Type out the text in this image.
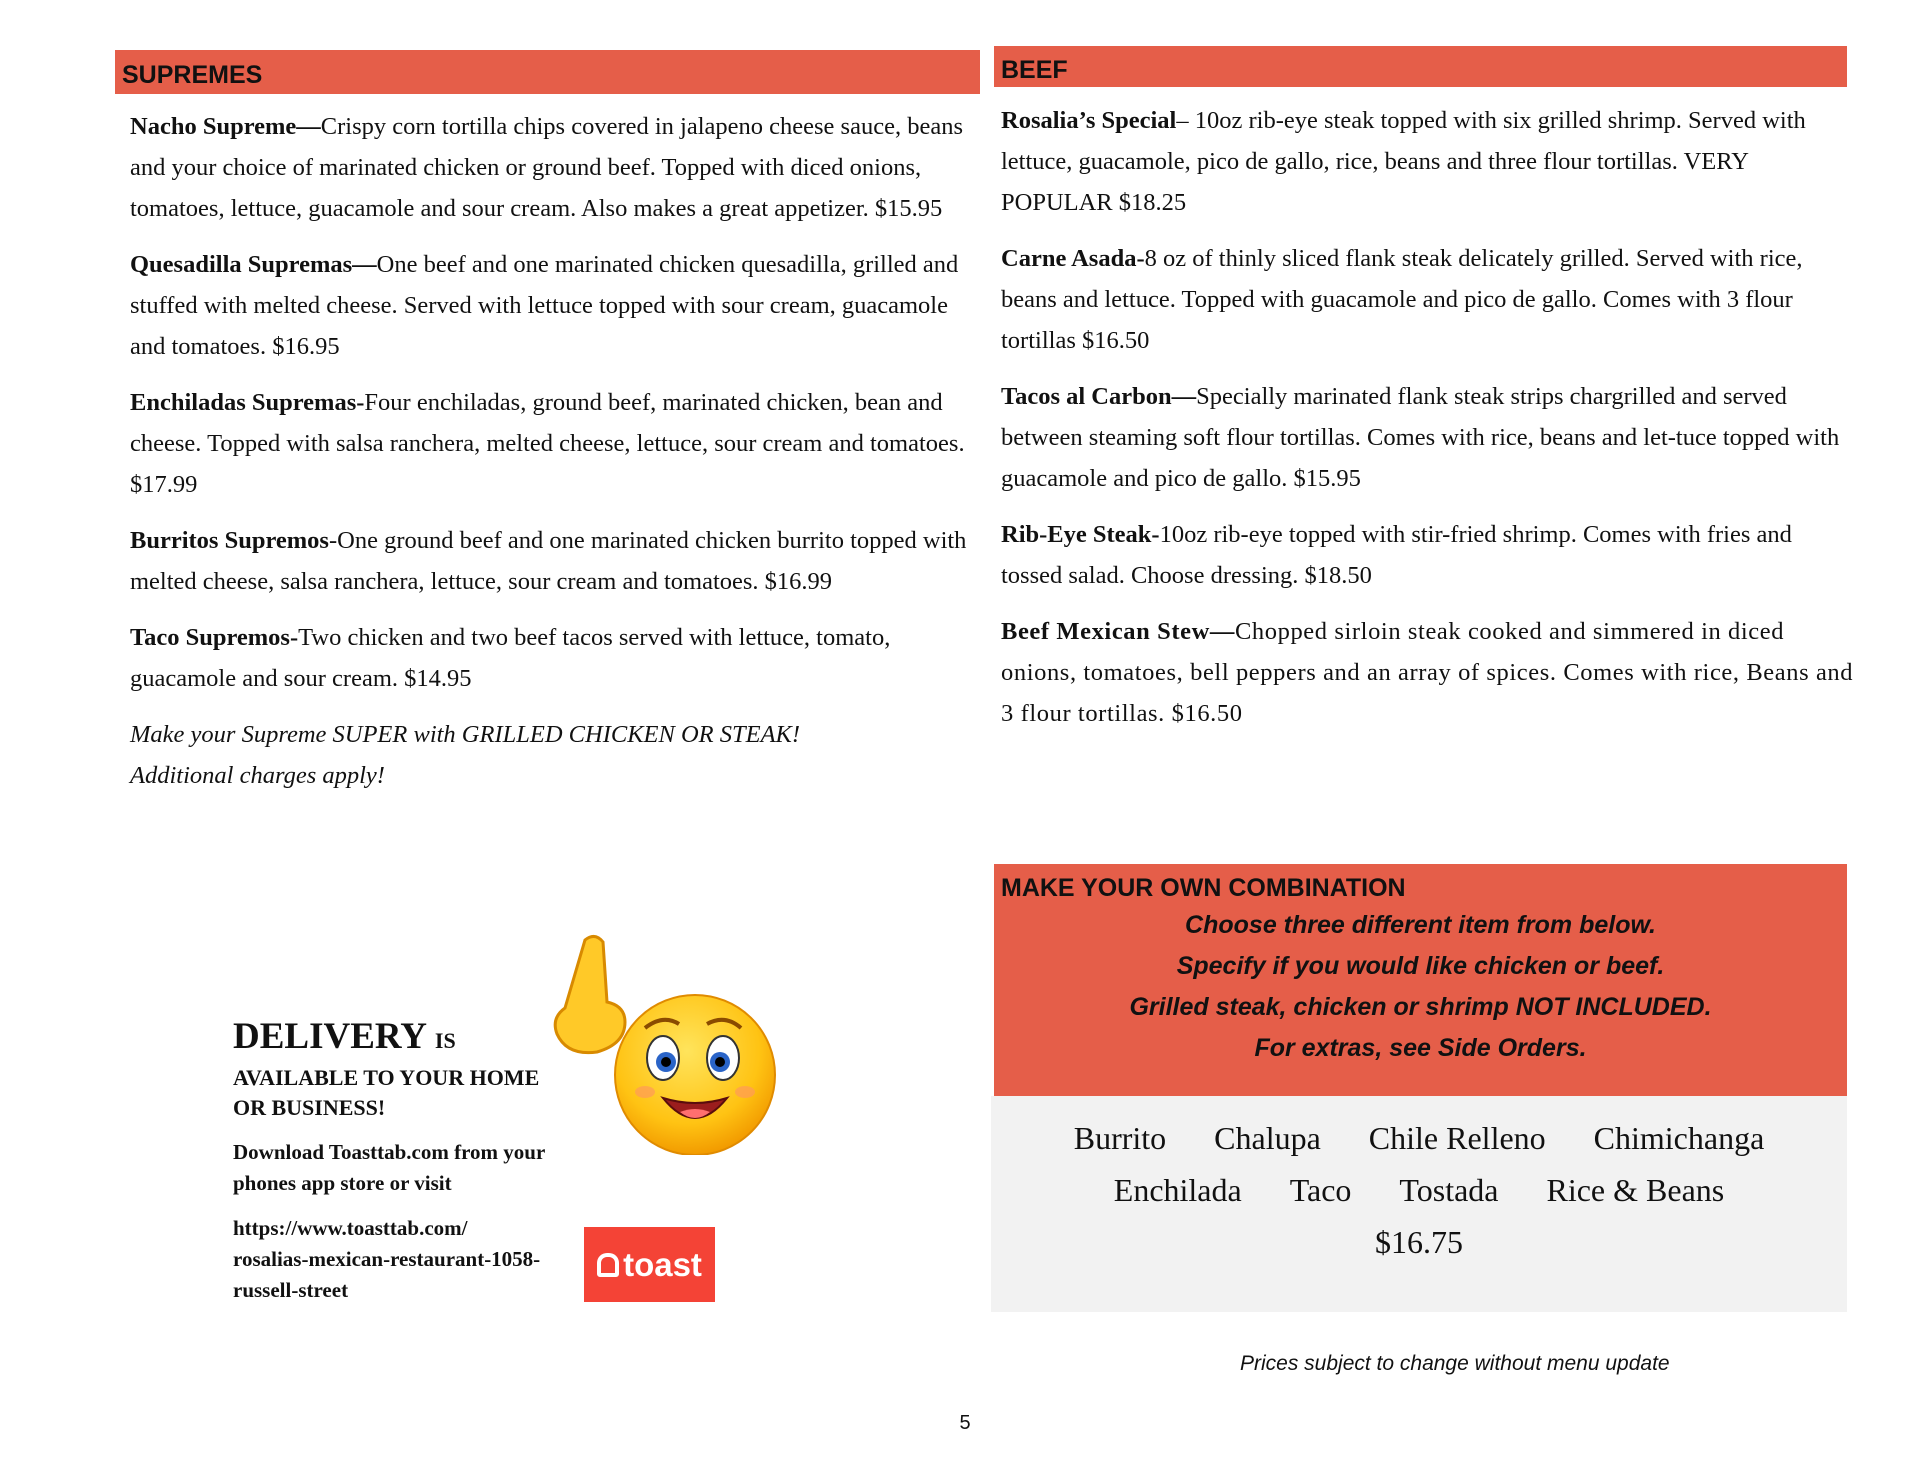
SUPREMES

Nacho Supreme—Crispy corn tortilla chips covered in jalapeno cheese sauce, beans and your choice of marinated chicken or ground beef. Topped with diced onions, tomatoes, lettuce, guacamole and sour cream. Also makes a great appetizer. $15.95

Quesadilla Supremas—One beef and one marinated chicken quesadilla, grilled and stuffed with melted cheese. Served with lettuce topped with sour cream, guacamole and tomatoes. $16.95

Enchiladas Supremas-Four enchiladas, ground beef, marinated chicken, bean and cheese. Topped with salsa ranchera, melted cheese, lettuce, sour cream and tomatoes. $17.99

Burritos Supremos-One ground beef and one marinated chicken burrito topped with melted cheese, salsa ranchera, lettuce, sour cream and tomatoes. $16.99

Taco Supremos-Two chicken and two beef tacos served with lettuce, tomato, guacamole and sour cream. $14.95

Make your Supreme SUPER with GRILLED CHICKEN OR STEAK!
Additional charges apply!
BEEF

Rosalia’s Special– 10oz rib-eye steak topped with six grilled shrimp. Served with lettuce, guacamole, pico de gallo, rice, beans and three flour tortillas. VERY POPULAR $18.25

Carne Asada-8 oz of thinly sliced flank steak delicately grilled. Served with rice, beans and lettuce. Topped with guacamole and pico de gallo. Comes with 3 flour tortillas $16.50

Tacos al Carbon—Specially marinated flank steak strips chargrilled and served between steaming soft flour tortillas. Comes with rice, beans and let-tuce topped with guacamole and pico de gallo. $15.95

Rib-Eye Steak-10oz rib-eye topped with stir-fried shrimp. Comes with fries and tossed salad. Choose dressing. $18.50

Beef Mexican Stew—Chopped sirloin steak cooked and simmered in diced onions, tomatoes, bell peppers and an array of spices. Comes with rice, Beans and 3 flour tortillas. $16.50

DELIVERY IS
AVAILABLE TO YOUR HOME OR BUSINESS!
Download Toasttab.com from your phones app store or visit
https://www.toasttab.com/ rosalias-mexican-restaurant-1058-russell-street
toast
MAKE YOUR OWN COMBINATION
Choose three different item from below.
Specify if you would like chicken or beef.
Grilled steak, chicken or shrimp NOT INCLUDED.
For extras, see Side Orders.
Burrito Chalupa Chile Relleno Chimichanga
Enchilada Taco Tostada Rice & Beans
$16.75
Prices subject to change without menu update
5
